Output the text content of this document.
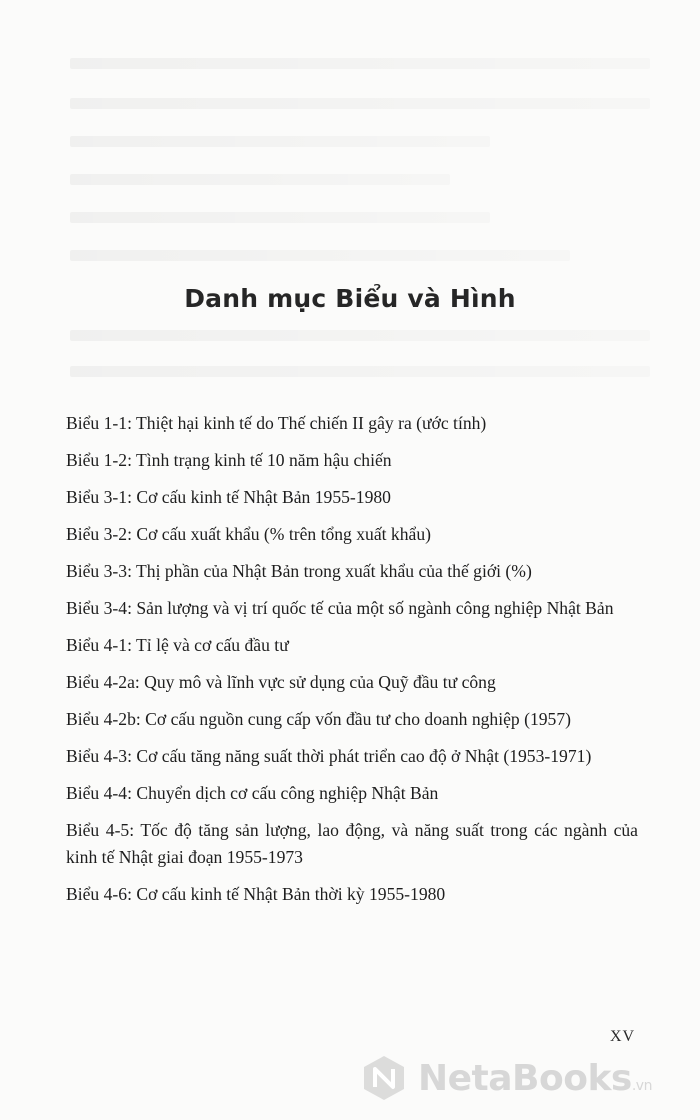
Danh mục Biểu và Hình
Biểu 1-1: Thiệt hại kinh tế do Thế chiến II gây ra (ước tính)
Biểu 1-2: Tình trạng kinh tế 10 năm hậu chiến
Biểu 3-1: Cơ cấu kinh tế Nhật Bản 1955-1980
Biểu 3-2: Cơ cấu xuất khẩu (% trên tổng xuất khẩu)
Biểu 3-3: Thị phần của Nhật Bản trong xuất khẩu của thế giới (%)
Biểu 3-4: Sản lượng và vị trí quốc tế của một số ngành công nghiệp Nhật Bản
Biểu 4-1: Tỉ lệ và cơ cấu đầu tư
Biểu 4-2a: Quy mô và lĩnh vực sử dụng của Quỹ đầu tư công
Biểu 4-2b: Cơ cấu nguồn cung cấp vốn đầu tư cho doanh nghiệp (1957)
Biểu 4-3: Cơ cấu tăng năng suất thời phát triển cao độ ở Nhật (1953-1971)
Biểu 4-4: Chuyển dịch cơ cấu công nghiệp Nhật Bản
Biểu 4-5: Tốc độ tăng sản lượng, lao động, và năng suất trong các ngành của kinh tế Nhật giai đoạn 1955-1973
Biểu 4-6: Cơ cấu kinh tế Nhật Bản thời kỳ 1955-1980
XV
NetaBooks.vn
